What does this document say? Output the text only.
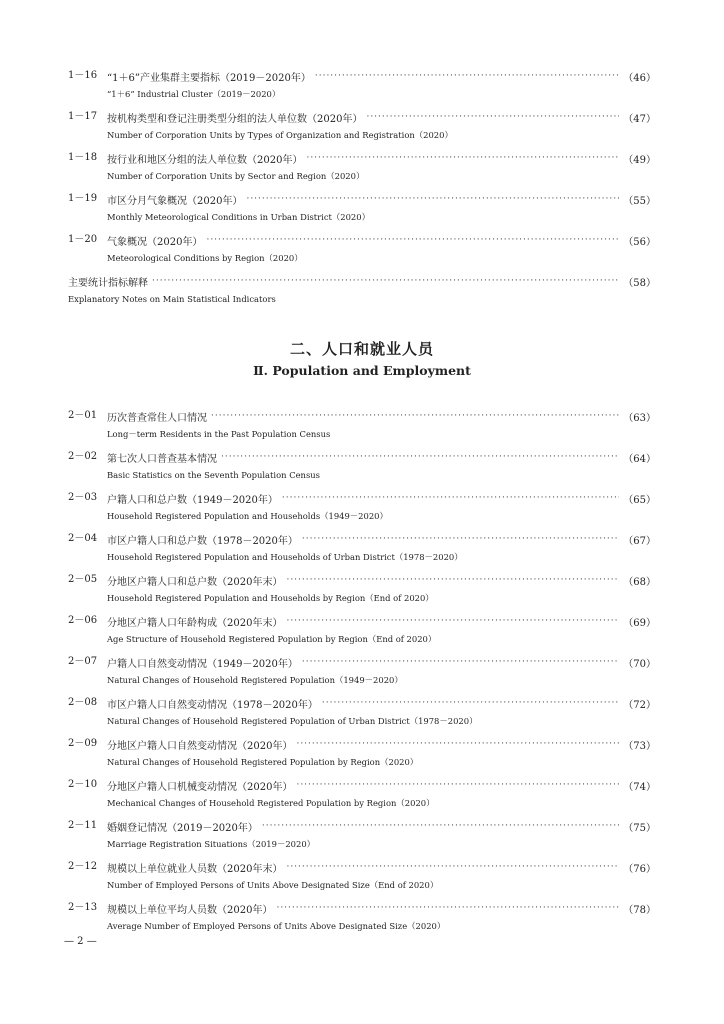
1－16 “1＋6”产业集群主要指标（2019－2020年） ·····	（46）
“1＋6” Industrial Cluster（2019－2020）
1－17 按机构类型和登记注册类型分组的法人单位数（2020年） ·····	（47）
Number of Corporation Units by Types of Organization and Registration（2020）
1－18 按行业和地区分组的法人单位数（2020年） ·····	（49）
Number of Corporation Units by Sector and Region（2020）
1－19 市区分月气象概况（2020年） ·····	（55）
Monthly Meteorological Conditions in Urban District（2020）
1－20 气象概况（2020年） ·····	（56）
Meteorological Conditions by Region（2020）
主要统计指标解释 ·····	（58）
Explanatory Notes on Main Statistical Indicators
二、人口和就业人员
Ⅱ. Population and Employment
2－01 历次普查常住人口情况 ·····	（63）
Long－term Residents in the Past Population Census
2－02 第七次人口普查基本情况 ·····	（64）
Basic Statistics on the Seventh Population Census
2－03 户籍人口和总户数（1949－2020年） ·····	（65）
Household Registered Population and Households（1949－2020）
2－04 市区户籍人口和总户数（1978－2020年） ·····	（67）
Household Registered Population and Households of Urban District（1978－2020）
2－05 分地区户籍人口和总户数（2020年末） ·····	（68）
Household Registered Population and Households by Region（End of 2020）
2－06 分地区户籍人口年龄构成（2020年末） ·····	（69）
Age Structure of Household Registered Population by Region（End of 2020）
2－07 户籍人口自然变动情况（1949－2020年） ·····	（70）
Natural Changes of Household Registered Population（1949－2020）
2－08 市区户籍人口自然变动情况（1978－2020年） ·····	（72）
Natural Changes of Household Registered Population of Urban District（1978－2020）
2－09 分地区户籍人口自然变动情况（2020年） ·····	（73）
Natural Changes of Household Registered Population by Region（2020）
2－10 分地区户籍人口机械变动情况（2020年） ·····	（74）
Mechanical Changes of Household Registered Population by Region（2020）
2－11 婚姻登记情况（2019－2020年） ·····	（75）
Marriage Registration Situations（2019－2020）
2－12 规模以上单位就业人员数（2020年末） ·····	（76）
Number of Employed Persons of Units Above Designated Size（End of 2020）
2－13 规模以上单位平均人员数（2020年） ·····	（78）
Average Number of Employed Persons of Units Above Designated Size（2020）
— 2 —
